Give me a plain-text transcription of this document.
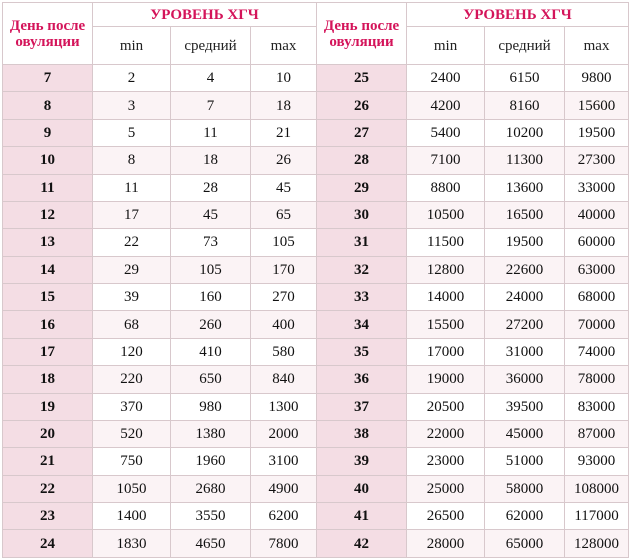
День после овуляции	УРОВЕНЬ ХГЧ			День после овуляции	УРОВЕНЬ ХГЧ		
	min	средний	max		min	средний	max
7	2	4	10	25	2400	6150	9800
8	3	7	18	26	4200	8160	15600
9	5	11	21	27	5400	10200	19500
10	8	18	26	28	7100	11300	27300
11	11	28	45	29	8800	13600	33000
12	17	45	65	30	10500	16500	40000
13	22	73	105	31	11500	19500	60000
14	29	105	170	32	12800	22600	63000
15	39	160	270	33	14000	24000	68000
16	68	260	400	34	15500	27200	70000
17	120	410	580	35	17000	31000	74000
18	220	650	840	36	19000	36000	78000
19	370	980	1300	37	20500	39500	83000
20	520	1380	2000	38	22000	45000	87000
21	750	1960	3100	39	23000	51000	93000
22	1050	2680	4900	40	25000	58000	108000
23	1400	3550	6200	41	26500	62000	117000
24	1830	4650	7800	42	28000	65000	128000
